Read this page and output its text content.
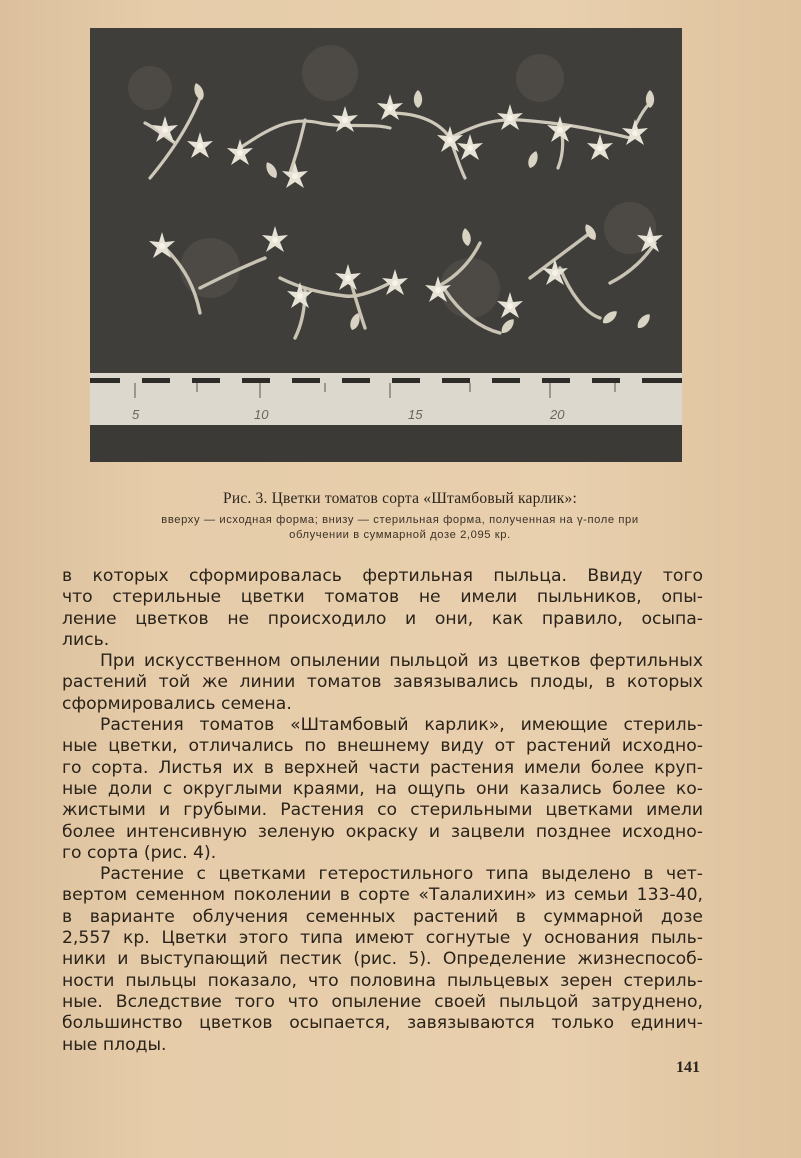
5	10	15	20
Рис. 3. Цветки томатов сорта «Штамбовый карлик»:
вверху — исходная форма; внизу — стерильная форма, полученная на γ-поле при
облучении в суммарной дозе 2,095 кр.
в которых сформировалась фертильная пыльца. Ввиду того
что стерильные цветки томатов не имели пыльников, опы-
ление цветков не происходило и они, как правило, осыпа-
лись.
При искусственном опылении пыльцой из цветков фертильных
растений той же линии томатов завязывались плоды, в которых
сформировались семена.
Растения томатов «Штамбовый карлик», имеющие стериль-
ные цветки, отличались по внешнему виду от растений исходно-
го сорта. Листья их в верхней части растения имели более круп-
ные доли с округлыми краями, на ощупь они казались более ко-
жистыми и грубыми. Растения со стерильными цветками имели
более интенсивную зеленую окраску и зацвели позднее исходно-
го сорта (рис. 4).
Растение с цветками гетеростильного типа выделено в чет-
вертом семенном поколении в сорте «Талалихин» из семьи 133-40,
в варианте облучения семенных растений в суммарной дозе
2,557 кр. Цветки этого типа имеют согнутые у основания пыль-
ники и выступающий пестик (рис. 5). Определение жизнеспособ-
ности пыльцы показало, что половина пыльцевых зерен стериль-
ные. Вследствие того что опыление своей пыльцой затруднено,
большинство цветков осыпается, завязываются только единич-
ные плоды.
141
